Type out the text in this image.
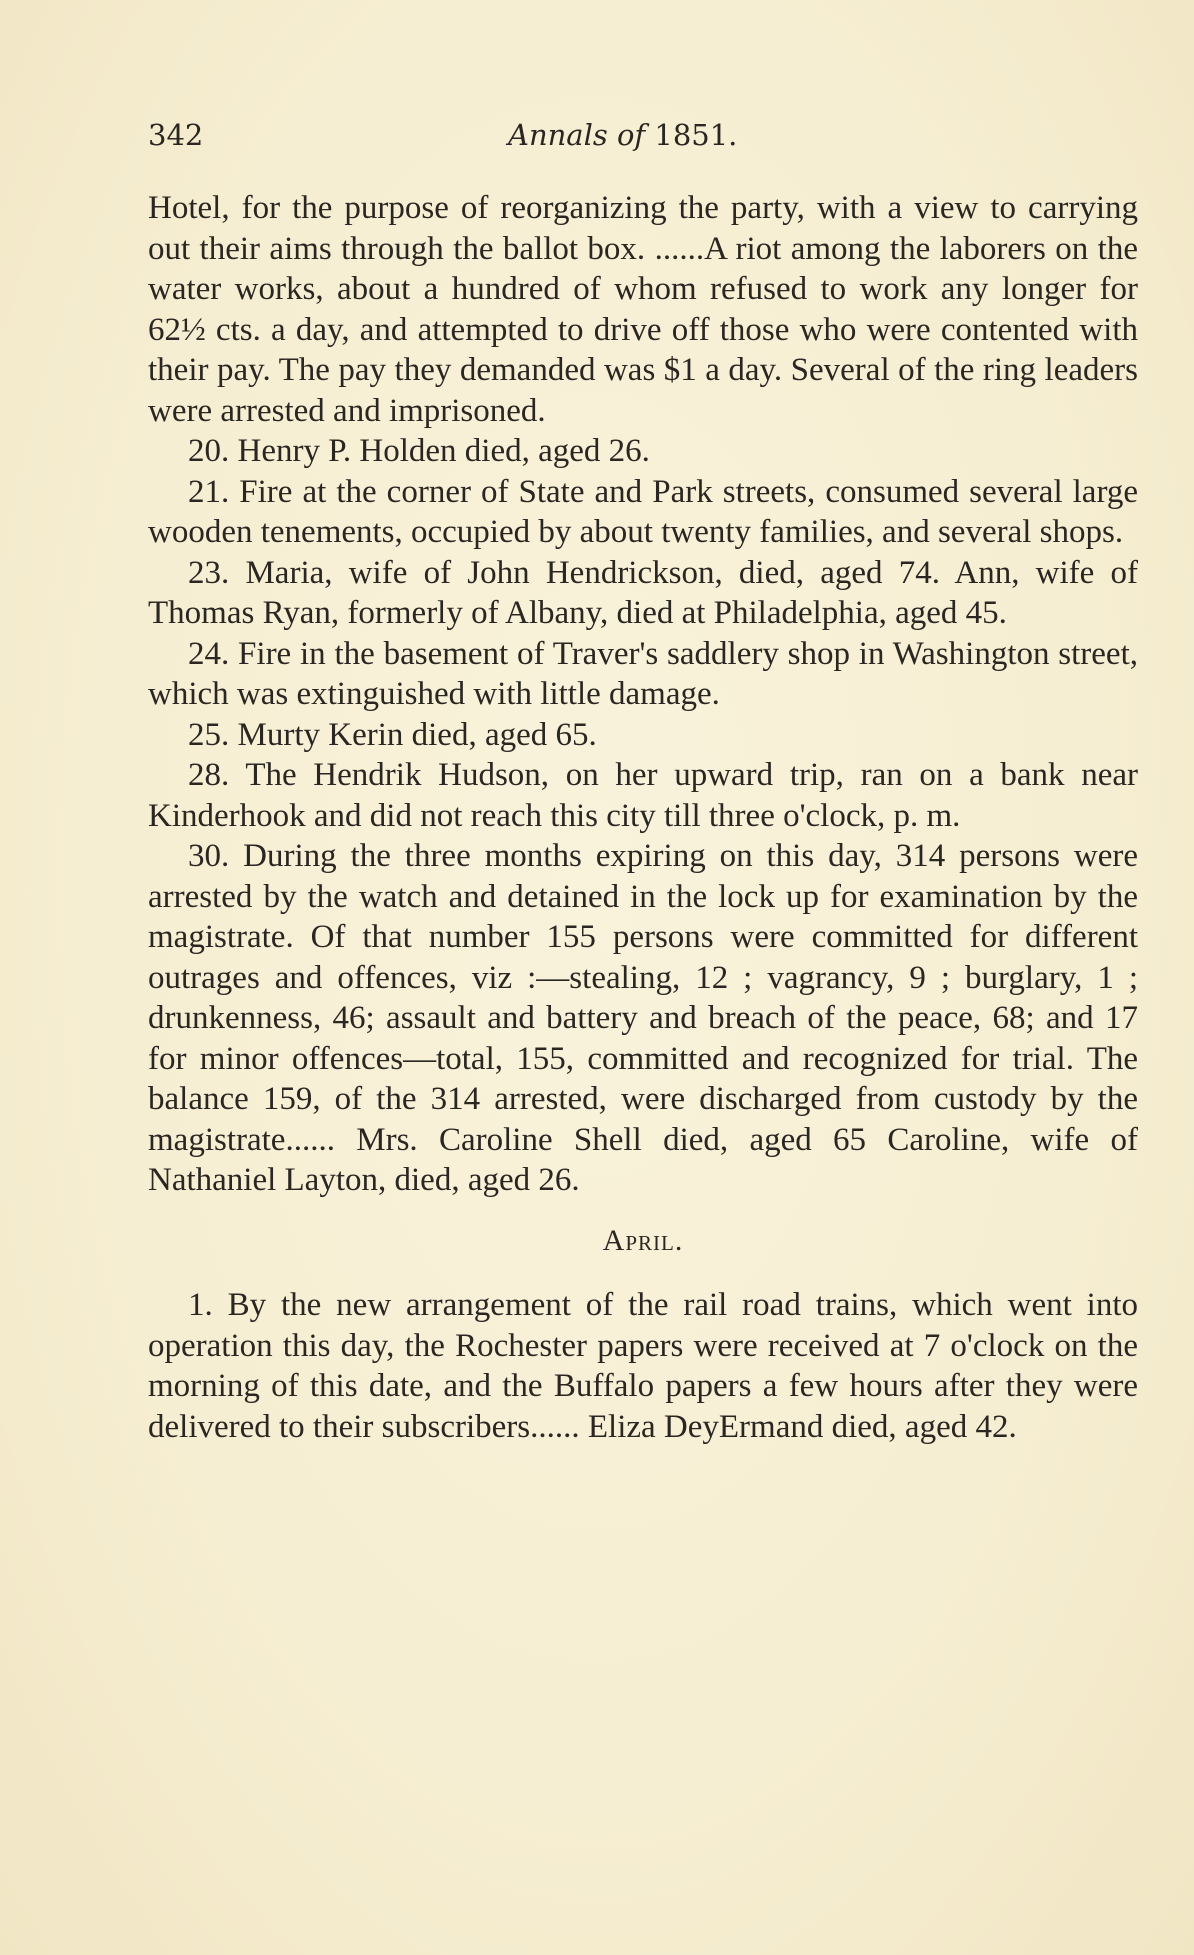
342	Annals of 1851.

Hotel, for the purpose of reorganizing the party, with a view to carrying out their aims through the ballot box. ......A riot among the laborers on the water works, about a hundred of whom refused to work any longer for 62½ cts. a day, and attempted to drive off those who were contented with their pay. The pay they demanded was $1 a day. Several of the ring leaders were arrested and imprisoned.

20. Henry P. Holden died, aged 26.

21. Fire at the corner of State and Park streets, consumed several large wooden tenements, occupied by about twenty families, and several shops.

23. Maria, wife of John Hendrickson, died, aged 74. Ann, wife of Thomas Ryan, formerly of Albany, died at Philadelphia, aged 45.

24. Fire in the basement of Traver's saddlery shop in Washington street, which was extinguished with little damage.

25. Murty Kerin died, aged 65.

28. The Hendrik Hudson, on her upward trip, ran on a bank near Kinderhook and did not reach this city till three o'clock, p. m.

30. During the three months expiring on this day, 314 persons were arrested by the watch and detained in the lock up for examination by the magistrate. Of that number 155 persons were committed for different outrages and offences, viz :—stealing, 12 ; vagrancy, 9 ; burglary, 1 ; drunkenness, 46; assault and battery and breach of the peace, 68; and 17 for minor offences—total, 155, committed and recognized for trial. The balance 159, of the 314 arrested, were discharged from custody by the magistrate...... Mrs. Caroline Shell died, aged 65 Caroline, wife of Nathaniel Layton, died, aged 26.

April.

1. By the new arrangement of the rail road trains, which went into operation this day, the Rochester papers were received at 7 o'clock on the morning of this date, and the Buffalo papers a few hours after they were delivered to their subscribers...... Eliza DeyErmand died, aged 42.
